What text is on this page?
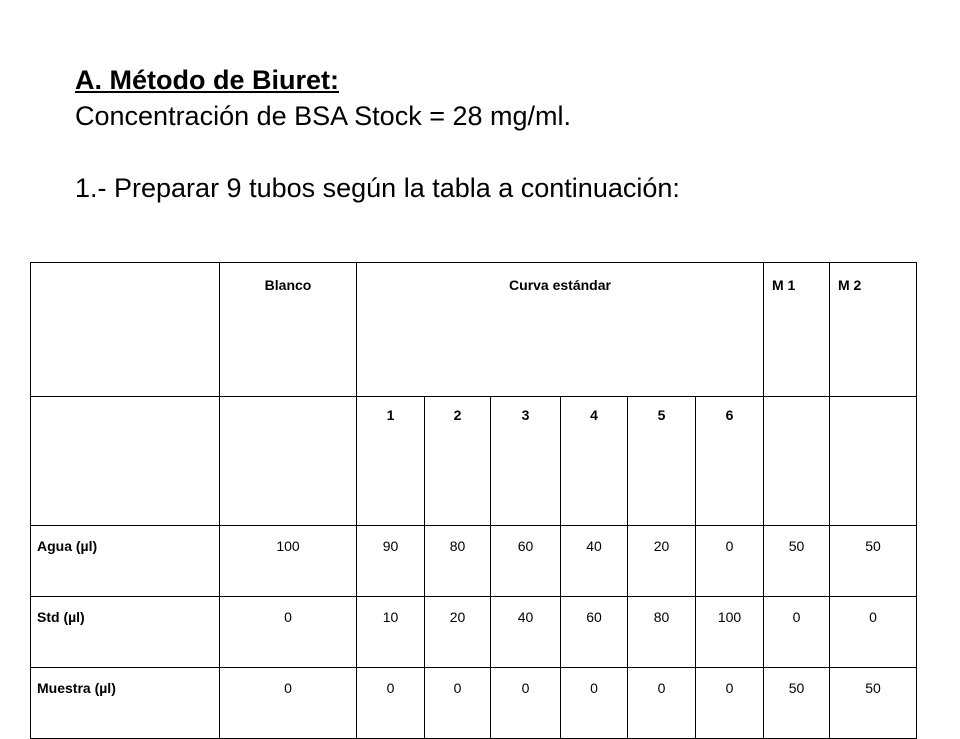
A. Método de Biuret:
Concentración de BSA Stock = 28 mg/ml.
1.- Preparar 9 tubos según la tabla a continuación:
	Blanco	Curva estándar						M 1	M 2
		1	2	3	4	5	6		
Agua (µl)	100	90	80	60	40	20	0	50	50
Std (µl)	0	10	20	40	60	80	100	0	0
Muestra (µl)	0	0	0	0	0	0	0	50	50
